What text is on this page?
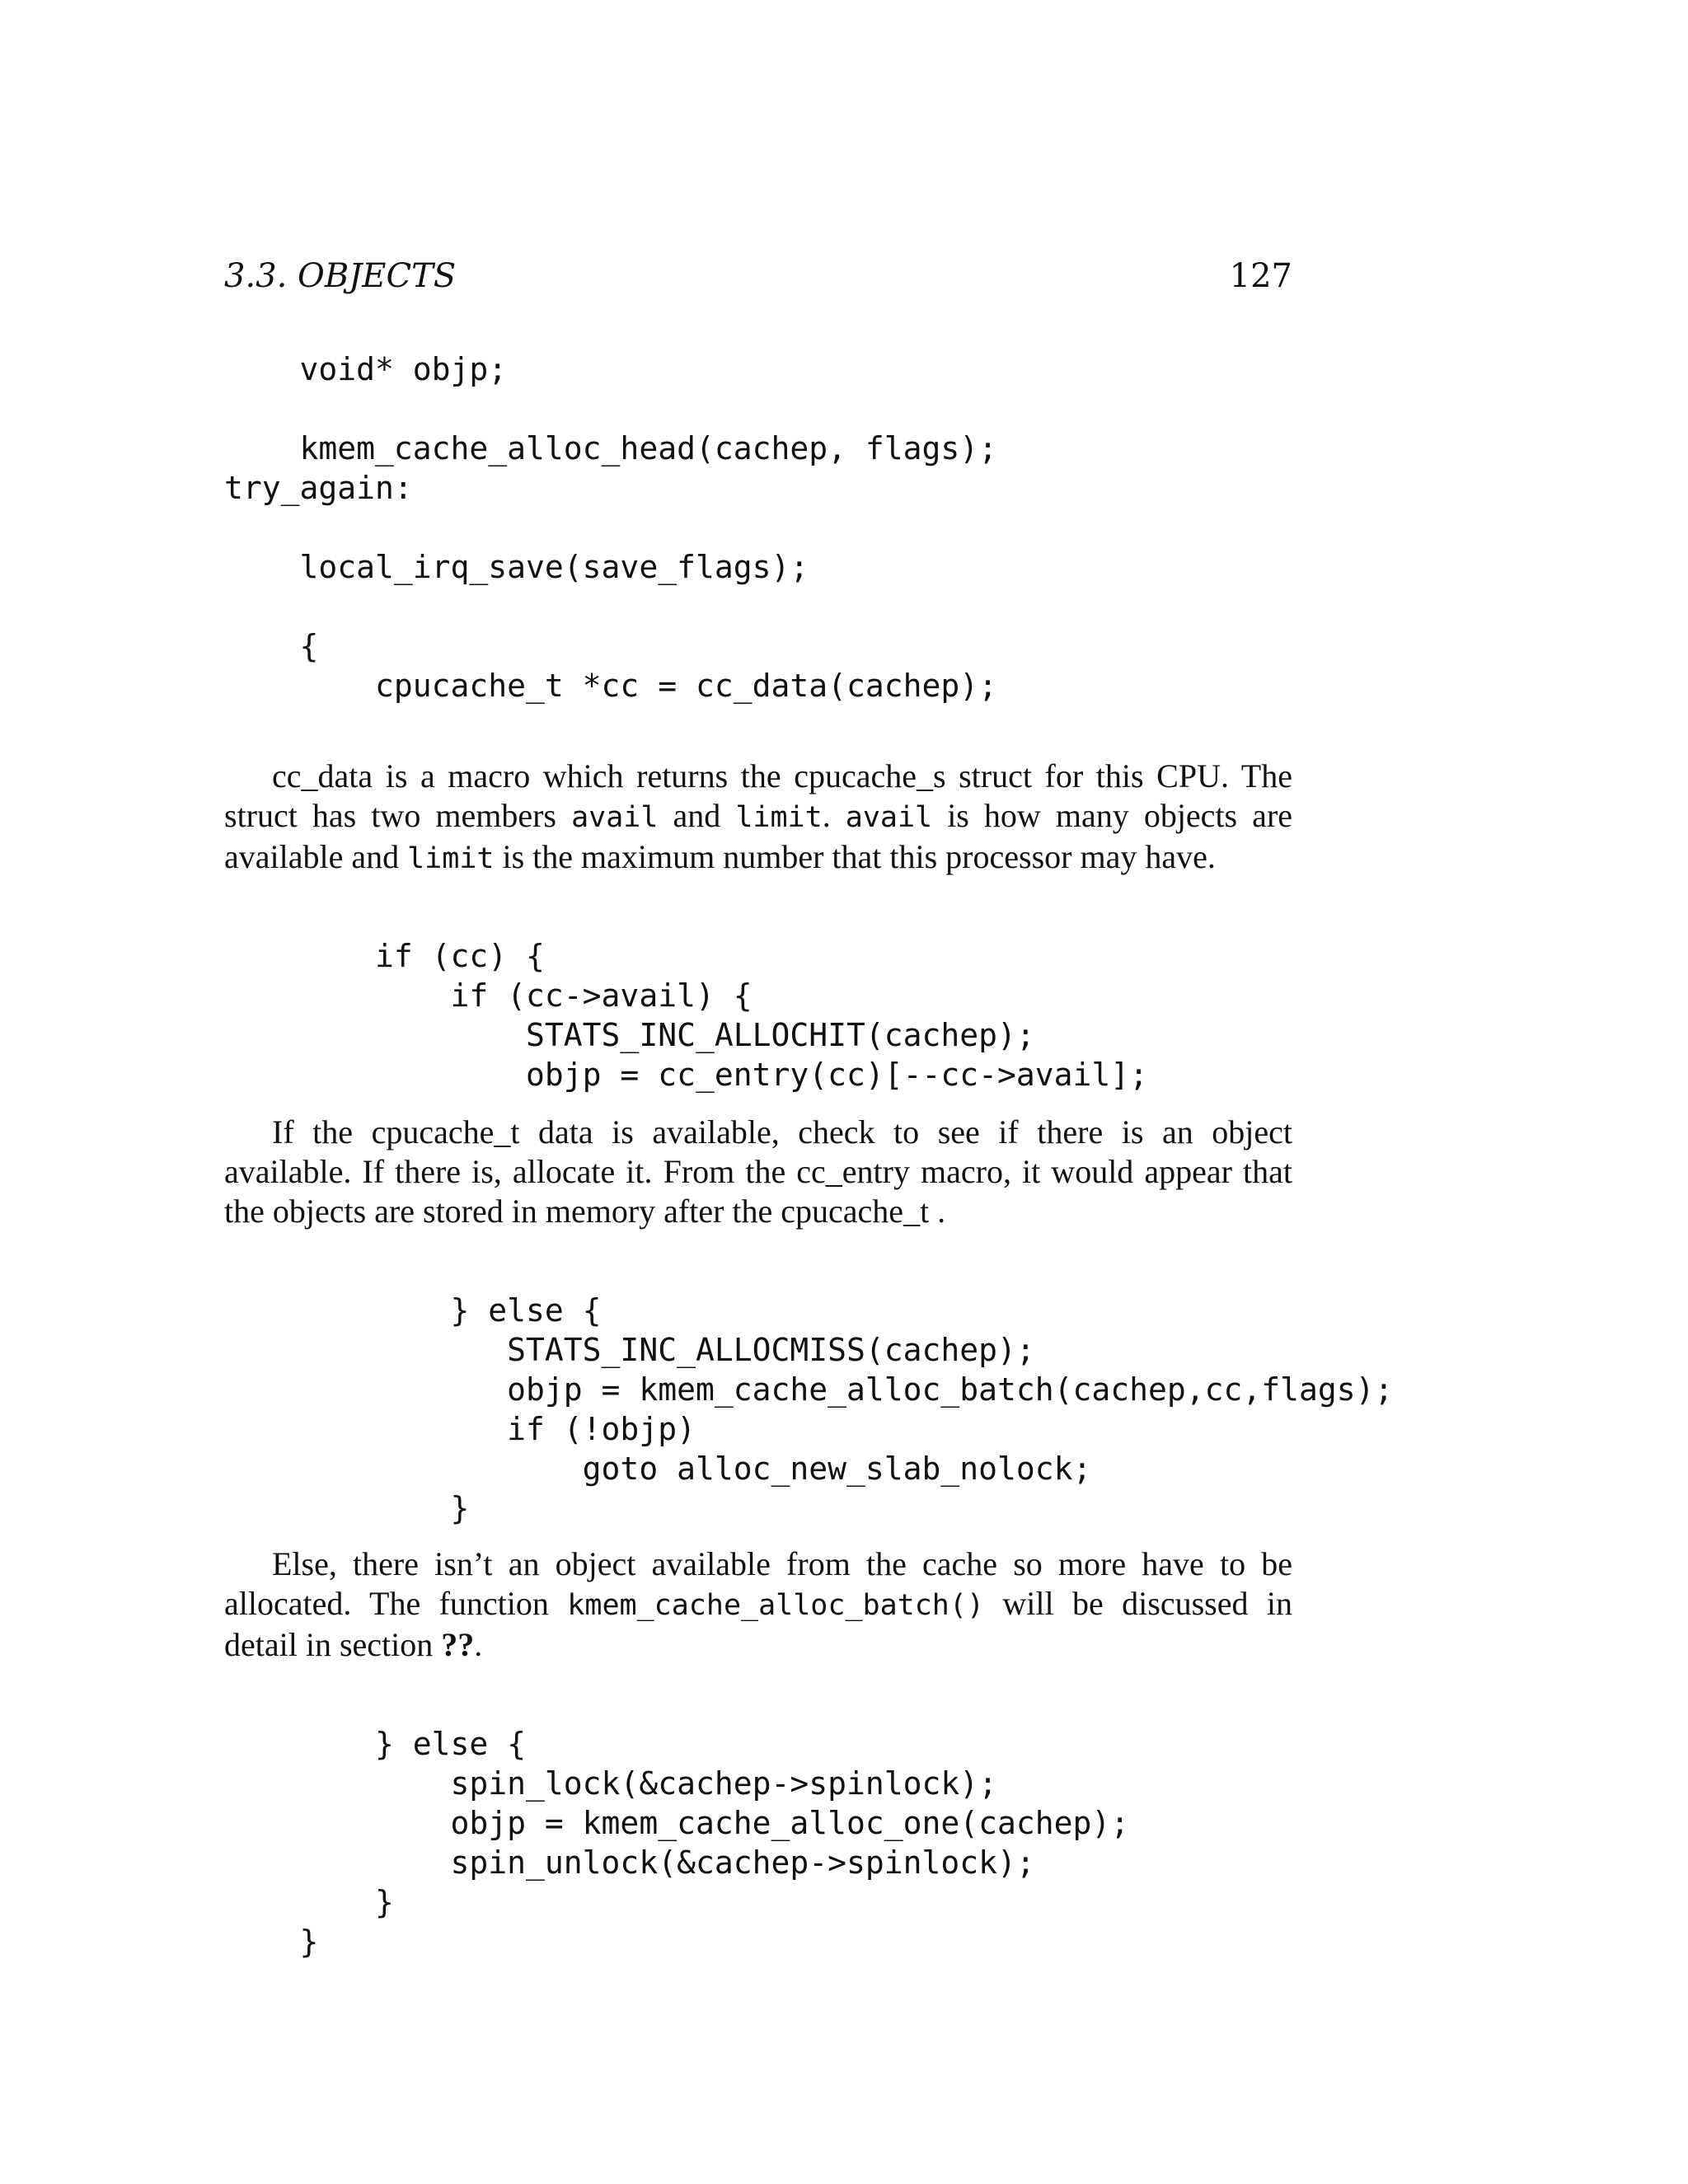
3.3. OBJECTS	127
void* objp;

kmem_cache_alloc_head(cachep, flags);
try_again:

local_irq_save(save_flags);

{
cpucache_t *cc = cc_data(cachep);

cc_data is a macro which returns the cpucache_s struct for this CPU. The struct has two members avail and limit. avail is how many objects are available and limit is the maximum number that this processor may have.

if (cc) {
if (cc->avail) {
STATS_INC_ALLOCHIT(cachep);
objp = cc_entry(cc)[--cc->avail];

If the cpucache_t data is available, check to see if there is an object available. If there is, allocate it. From the cc_entry macro, it would appear that the objects are stored in memory after the cpucache_t .

} else {
STATS_INC_ALLOCMISS(cachep);
objp = kmem_cache_alloc_batch(cachep,cc,flags);
if (!objp)
goto alloc_new_slab_nolock;
}

Else, there isn’t an object available from the cache so more have to be allocated. The function kmem_cache_alloc_batch() will be discussed in detail in section ??.

} else {
spin_lock(&cachep->spinlock);
objp = kmem_cache_alloc_one(cachep);
spin_unlock(&cachep->spinlock);
}
}
